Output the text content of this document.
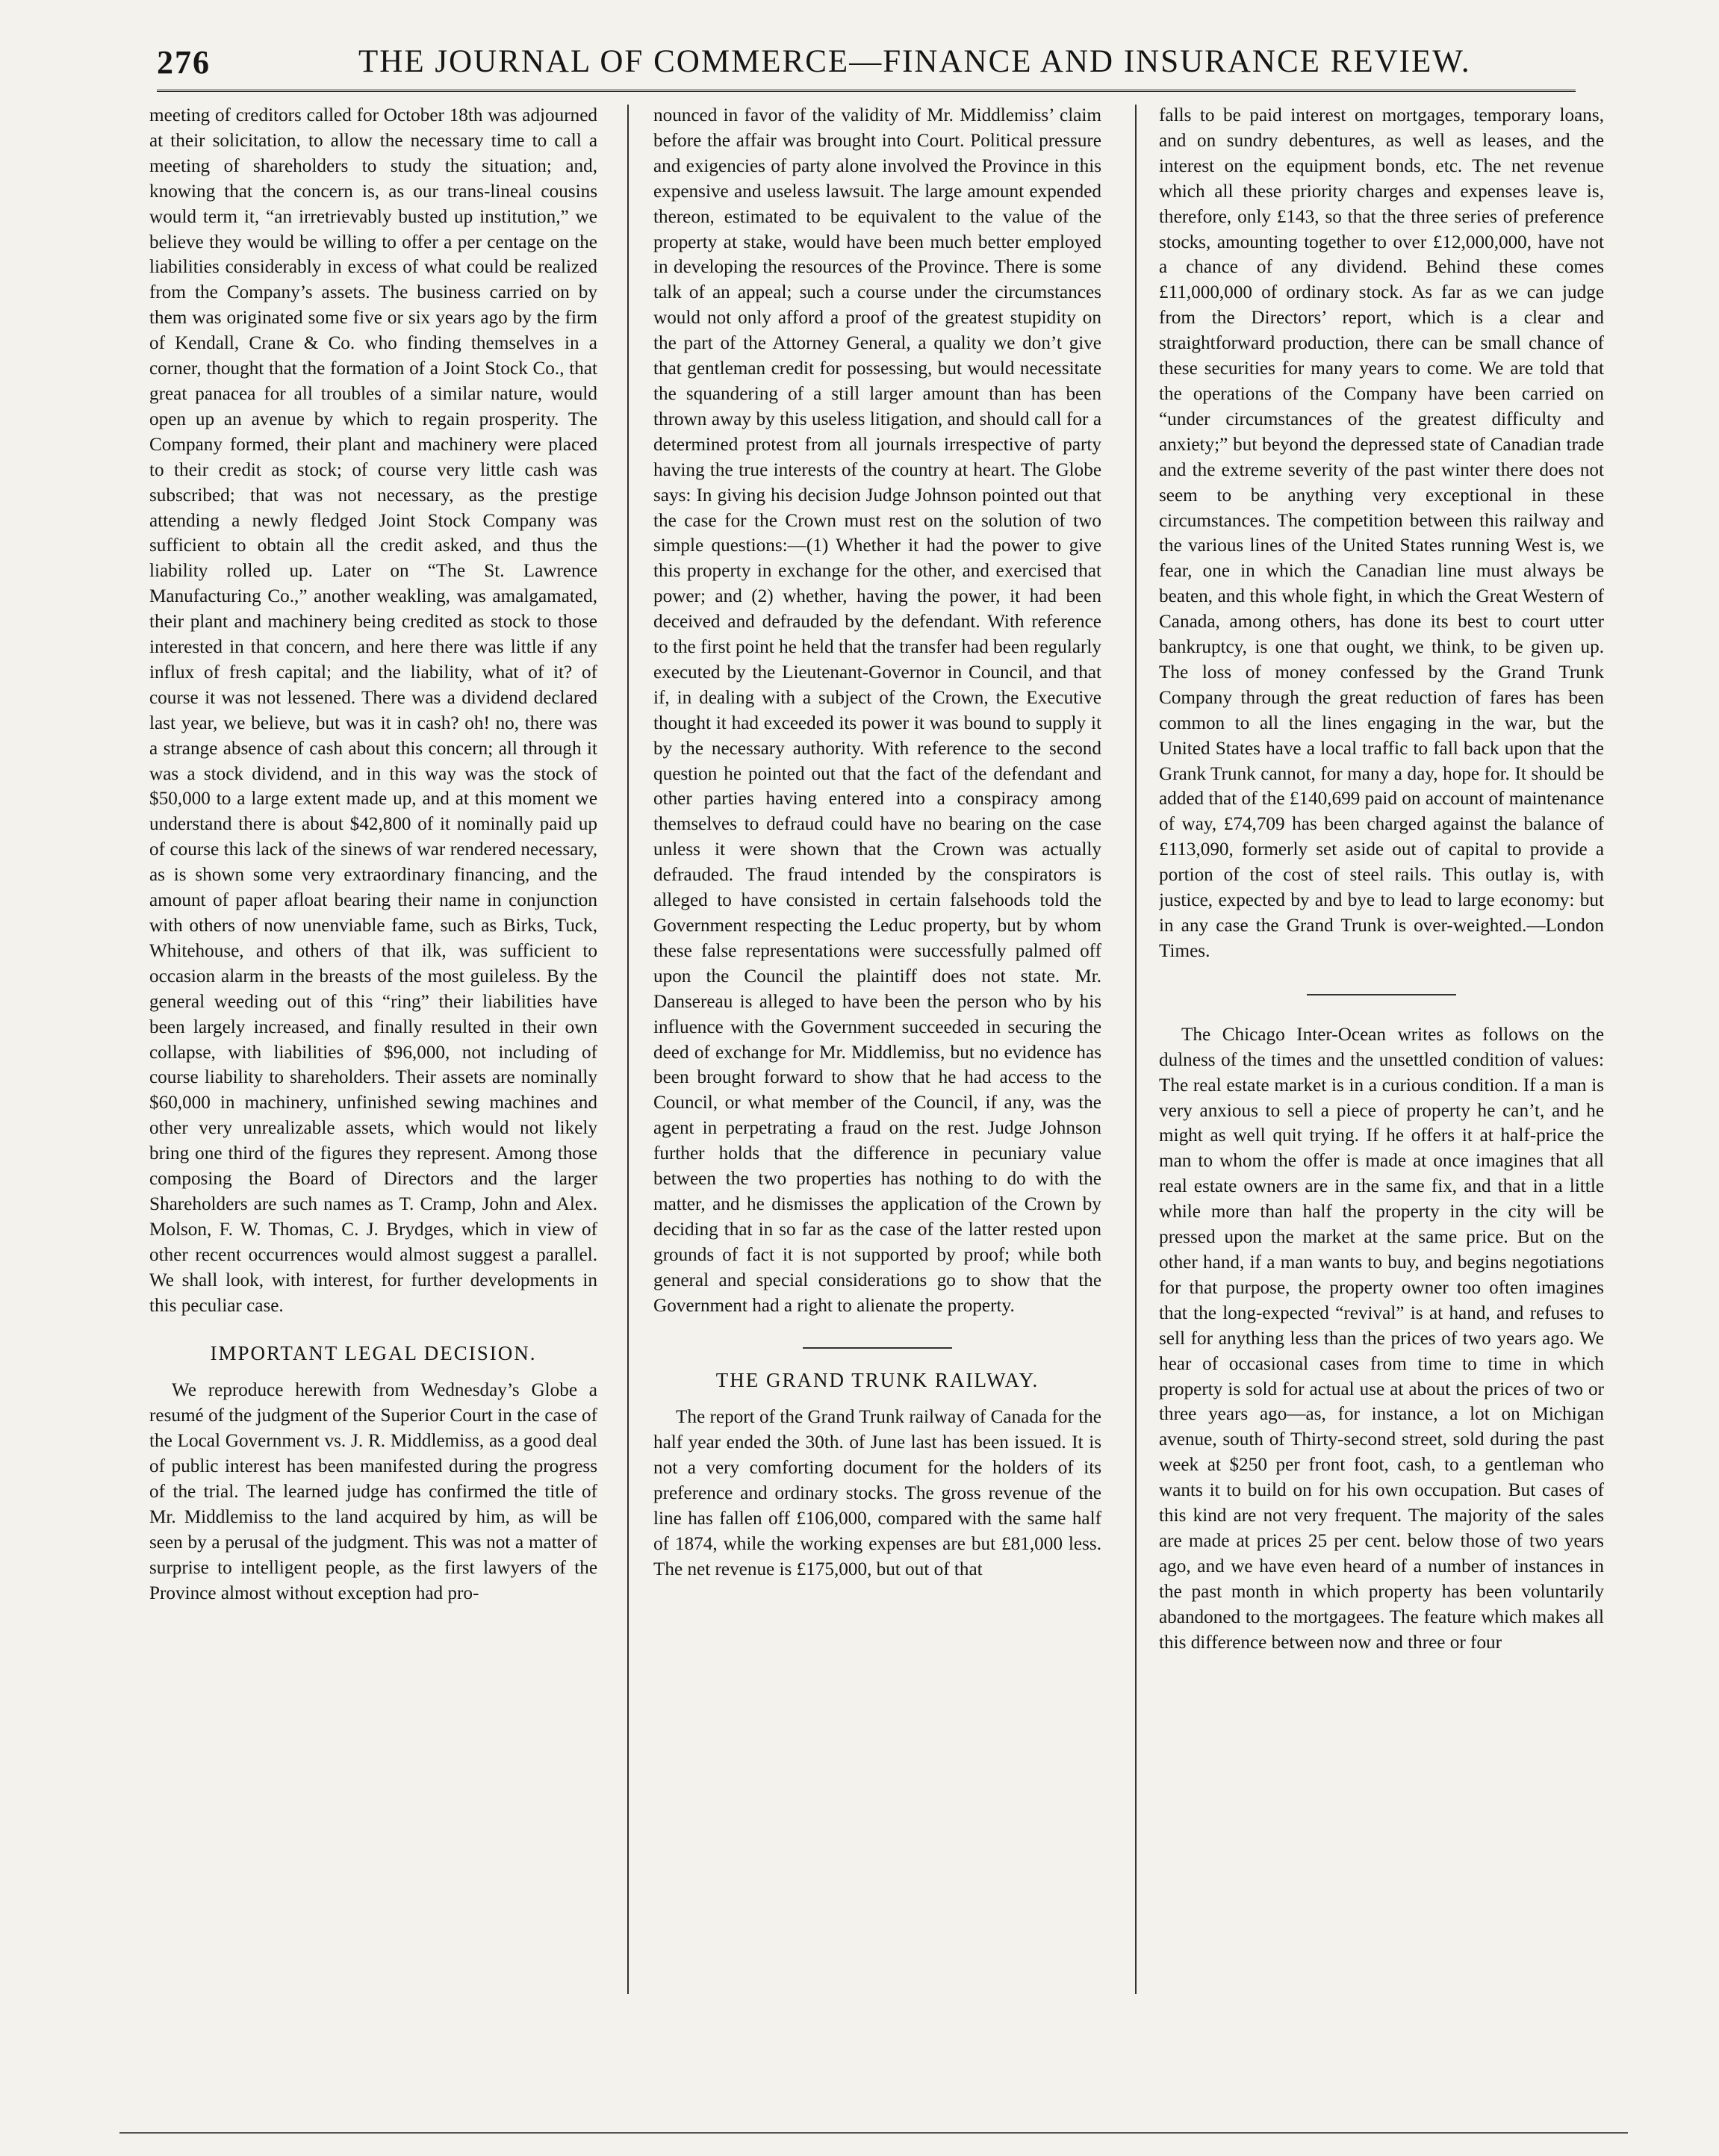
276	THE JOURNAL OF COMMERCE—FINANCE AND INSURANCE REVIEW.

meeting of creditors called for October 18th was adjourned at their solicitation, to allow the necessary time to call a meeting of shareholders to study the situation; and, knowing that the concern is, as our trans-lineal cousins would term it, “an irretrievably busted up institution,” we believe they would be willing to offer a per centage on the liabilities considerably in excess of what could be realized from the Company’s assets. The business carried on by them was originated some five or six years ago by the firm of Kendall, Crane & Co. who finding themselves in a corner, thought that the formation of a Joint Stock Co., that great panacea for all troubles of a similar nature, would open up an avenue by which to regain prosperity. The Company formed, their plant and machinery were placed to their credit as stock; of course very little cash was subscribed; that was not necessary, as the prestige attending a newly fledged Joint Stock Company was sufficient to obtain all the credit asked, and thus the liability rolled up. Later on “The St. Lawrence Manufacturing Co.,” another weakling, was amalgamated, their plant and machinery being credited as stock to those interested in that concern, and here there was little if any influx of fresh capital; and the liability, what of it? of course it was not lessened. There was a dividend declared last year, we believe, but was it in cash? oh! no, there was a strange absence of cash about this concern; all through it was a stock dividend, and in this way was the stock of $50,000 to a large extent made up, and at this moment we understand there is about $42,800 of it nominally paid up of course this lack of the sinews of war rendered necessary, as is shown some very extraordinary financing, and the amount of paper afloat bearing their name in conjunction with others of now unenviable fame, such as Birks, Tuck, Whitehouse, and others of that ilk, was sufficient to occasion alarm in the breasts of the most guileless. By the general weeding out of this “ring” their liabilities have been largely increased, and finally resulted in their own collapse, with liabilities of $96,000, not including of course liability to shareholders. Their assets are nominally $60,000 in machinery, unfinished sewing machines and other very unrealizable assets, which would not likely bring one third of the figures they represent. Among those composing the Board of Directors and the larger Shareholders are such names as T. Cramp, John and Alex. Molson, F. W. Thomas, C. J. Brydges, which in view of other recent occurrences would almost suggest a parallel. We shall look, with interest, for further developments in this peculiar case.

IMPORTANT LEGAL DECISION.

We reproduce herewith from Wednesday’s Globe a resumé of the judgment of the Superior Court in the case of the Local Government vs. J. R. Middlemiss, as a good deal of public interest has been manifested during the progress of the trial. The learned judge has confirmed the title of Mr. Middlemiss to the land acquired by him, as will be seen by a perusal of the judgment. This was not a matter of surprise to intelligent people, as the first lawyers of the Province almost without exception had pro-

nounced in favor of the validity of Mr. Middlemiss’ claim before the affair was brought into Court. Political pressure and exigencies of party alone involved the Province in this expensive and useless lawsuit. The large amount expended thereon, estimated to be equivalent to the value of the property at stake, would have been much better employed in developing the resources of the Province. There is some talk of an appeal; such a course under the circumstances would not only afford a proof of the greatest stupidity on the part of the Attorney General, a quality we don’t give that gentleman credit for possessing, but would necessitate the squandering of a still larger amount than has been thrown away by this useless litigation, and should call for a determined protest from all journals irrespective of party having the true interests of the country at heart. The Globe says: In giving his decision Judge Johnson pointed out that the case for the Crown must rest on the solution of two simple questions:—(1) Whether it had the power to give this property in exchange for the other, and exercised that power; and (2) whether, having the power, it had been deceived and defrauded by the defendant. With reference to the first point he held that the transfer had been regularly executed by the Lieutenant-Governor in Council, and that if, in dealing with a subject of the Crown, the Executive thought it had exceeded its power it was bound to supply it by the necessary authority. With reference to the second question he pointed out that the fact of the defendant and other parties having entered into a conspiracy among themselves to defraud could have no bearing on the case unless it were shown that the Crown was actually defrauded. The fraud intended by the conspirators is alleged to have consisted in certain falsehoods told the Government respecting the Leduc property, but by whom these false representations were successfully palmed off upon the Council the plaintiff does not state. Mr. Dansereau is alleged to have been the person who by his influence with the Government succeeded in securing the deed of exchange for Mr. Middlemiss, but no evidence has been brought forward to show that he had access to the Council, or what member of the Council, if any, was the agent in perpetrating a fraud on the rest. Judge Johnson further holds that the difference in pecuniary value between the two properties has nothing to do with the matter, and he dismisses the application of the Crown by deciding that in so far as the case of the latter rested upon grounds of fact it is not supported by proof; while both general and special considerations go to show that the Government had a right to alienate the property.

THE GRAND TRUNK RAILWAY.

The report of the Grand Trunk railway of Canada for the half year ended the 30th. of June last has been issued. It is not a very comforting document for the holders of its preference and ordinary stocks. The gross revenue of the line has fallen off £106,000, compared with the same half of 1874, while the working expenses are but £81,000 less. The net revenue is £175,000, but out of that

falls to be paid interest on mortgages, temporary loans, and on sundry debentures, as well as leases, and the interest on the equipment bonds, etc. The net revenue which all these priority charges and expenses leave is, therefore, only £143, so that the three series of preference stocks, amounting together to over £12,000,000, have not a chance of any dividend. Behind these comes £11,000,000 of ordinary stock. As far as we can judge from the Directors’ report, which is a clear and straightforward production, there can be small chance of these securities for many years to come. We are told that the operations of the Company have been carried on “under circumstances of the greatest difficulty and anxiety;” but beyond the depressed state of Canadian trade and the extreme severity of the past winter there does not seem to be anything very exceptional in these circumstances. The competition between this railway and the various lines of the United States running West is, we fear, one in which the Canadian line must always be beaten, and this whole fight, in which the Great Western of Canada, among others, has done its best to court utter bankruptcy, is one that ought, we think, to be given up. The loss of money confessed by the Grand Trunk Company through the great reduction of fares has been common to all the lines engaging in the war, but the United States have a local traffic to fall back upon that the Grank Trunk cannot, for many a day, hope for. It should be added that of the £140,699 paid on account of maintenance of way, £74,709 has been charged against the balance of £113,090, formerly set aside out of capital to provide a portion of the cost of steel rails. This outlay is, with justice, expected by and bye to lead to large economy: but in any case the Grand Trunk is over-weighted.—London Times.

The Chicago Inter-Ocean writes as follows on the dulness of the times and the unsettled condition of values: The real estate market is in a curious condition. If a man is very anxious to sell a piece of property he can’t, and he might as well quit trying. If he offers it at half-price the man to whom the offer is made at once imagines that all real estate owners are in the same fix, and that in a little while more than half the property in the city will be pressed upon the market at the same price. But on the other hand, if a man wants to buy, and begins negotiations for that purpose, the property owner too often imagines that the long-expected “revival” is at hand, and refuses to sell for anything less than the prices of two years ago. We hear of occasional cases from time to time in which property is sold for actual use at about the prices of two or three years ago—as, for instance, a lot on Michigan avenue, south of Thirty-second street, sold during the past week at $250 per front foot, cash, to a gentleman who wants it to build on for his own occupation. But cases of this kind are not very frequent. The majority of the sales are made at prices 25 per cent. below those of two years ago, and we have even heard of a number of instances in the past month in which property has been voluntarily abandoned to the mortgagees. The feature which makes all this difference between now and three or four
